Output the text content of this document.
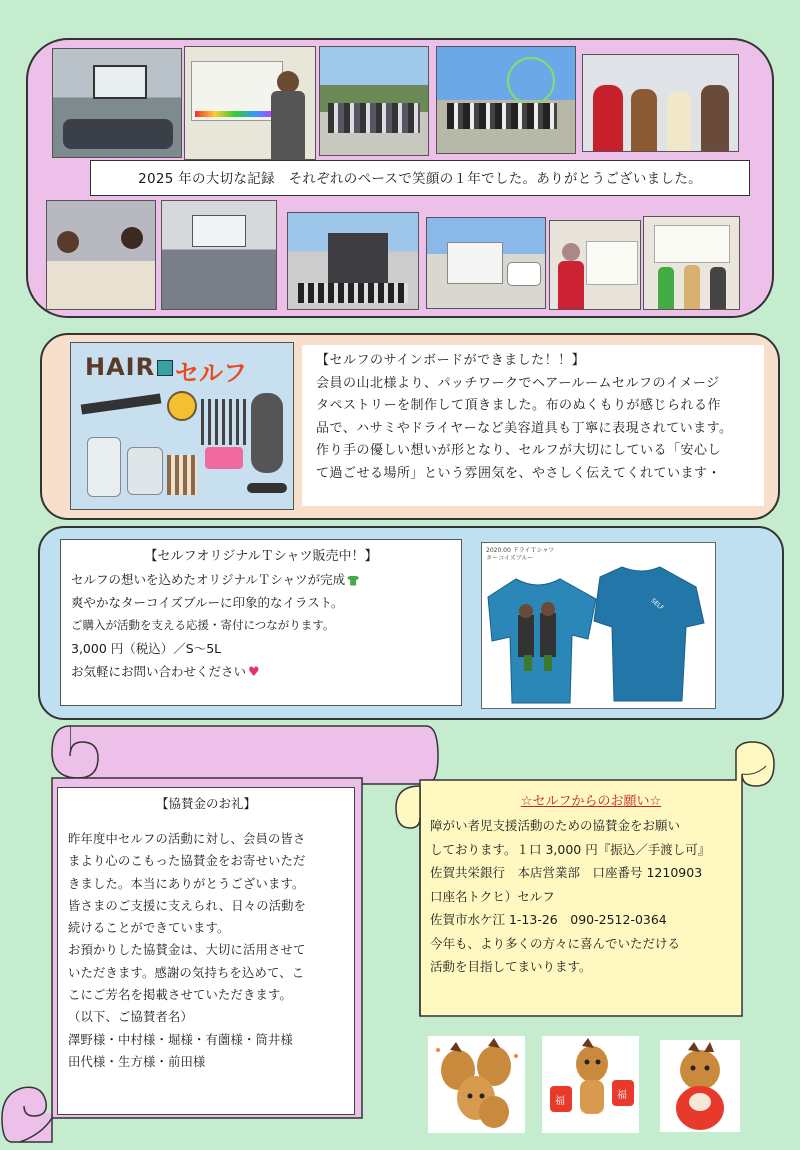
2025 年の大切な記録　それぞれのペースで笑顔の１年でした。ありがとうございました。
HAIR セルフ	【セルフのサインボードができました！！】

会員の山北様より、パッチワークでヘアールームセルフのイメージ

タペストリーを制作して頂きました。布のぬくもりが感じられる作

品で、ハサミやドライヤーなど美容道具も丁寧に表現されています。

作り手の優しい想いが形となり、セルフが大切にしている「安心し

て過ごせる場所」という雰囲気を、やさしく伝えてくれています・

【セルフオリジナルＴシャツ販売中！】
セルフの想いを込めたオリジナルＴシャツが完成
爽やかなターコイズブルーに印象的なイラスト。
ご購入が活動を支える応援・寄付につながります。
3,000 円（税込）／S～5L
お気軽にお問い合わせください ♥
2020.00 ドライＴシャツ
ターコイズブルー
SELF
【協賛金のお礼】
昨年度中セルフの活動に対し、会員の皆さ
まより心のこもった協賛金をお寄せいただ
きました。本当にありがとうございます。
皆さまのご支援に支えられ、日々の活動を
続けることができています。
お預かりした協賛金は、大切に活用させて
いただきます。感謝の気持ちを込めて、こ
こにご芳名を掲載させていただきます。
（以下、ご協賛者名）
澤野様・中村様・堀様・有薗様・筒井様
田代様・生方様・前田様
☆セルフからのお願い☆
障がい者児支援活動のための協賛金をお願い
しております。１口 3,000 円『振込／手渡し可』
佐賀共栄銀行　本店営業部　口座番号 1210903
口座名トクヒ）セルフ
佐賀市水ケ江 1-13-26　090-2512-0364
今年も、より多くの方々に喜んでいただける
活動を目指してまいります。
福
福
